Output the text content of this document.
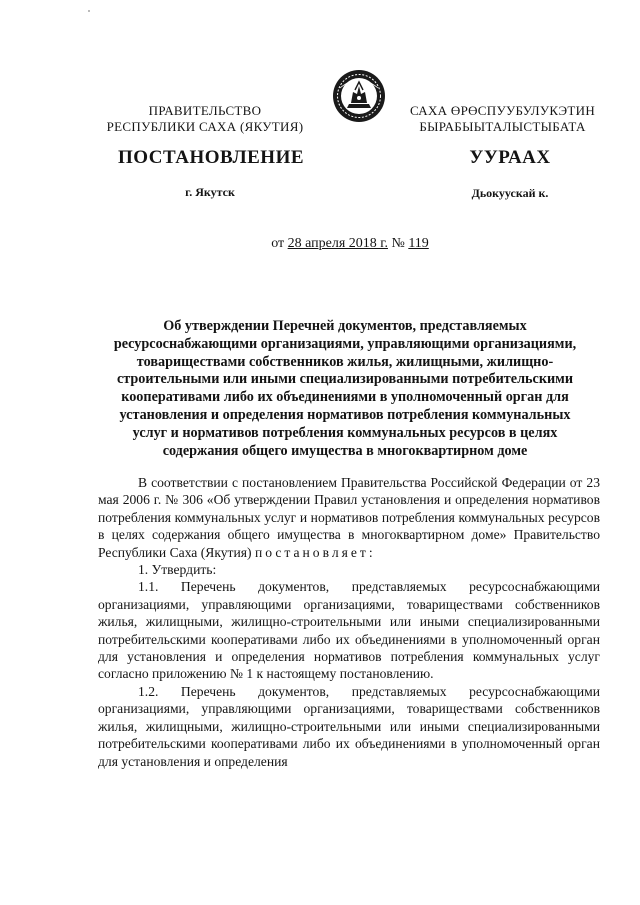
ПРАВИТЕЛЬСТВО
РЕСПУБЛИКИ САХА (ЯКУТИЯ)
САХА ӨРӨСПУУБУЛУКЭТИН
БЫРАБЫЫТАЛЫСТЫБАТА
ПОСТАНОВЛЕНИЕ	УУРААХ
г. Якутск	Дьокуускай к.
от 28 апреля 2018 г. № 119
Об утверждении Перечней документов, представляемых
ресурсоснабжающими организациями, управляющими организациями,
товариществами собственников жилья, жилищными, жилищно-
строительными или иными специализированными потребительскими
кооперативами либо их объединениями в уполномоченный орган для
установления и определения нормативов потребления коммунальных
услуг и нормативов потребления коммунальных ресурсов в целях
содержания общего имущества в многоквартирном доме

В соответствии с постановлением Правительства Российской Федерации от 23 мая 2006 г. № 306 «Об утверждении Правил установления и определения нормативов потребления коммунальных услуг и нормативов потребления коммунальных ресурсов в целях содержания общего имущества в многоквартирном доме» Правительство Республики Саха (Якутия) постановляет:

1. Утвердить:

1.1. Перечень документов, представляемых ресурсоснабжающими организациями, управляющими организациями, товариществами собственников жилья, жилищными, жилищно-строительными или иными специализированными потребительскими кооперативами либо их объединениями в уполномоченный орган для установления и определения нормативов потребления коммунальных услуг согласно приложению № 1 к настоящему постановлению.

1.2. Перечень документов, представляемых ресурсоснабжающими организациями, управляющими организациями, товариществами собственников жилья, жилищными, жилищно-строительными или иными специализированными потребительскими кооперативами либо их объединениями в уполномоченный орган для установления и определения
